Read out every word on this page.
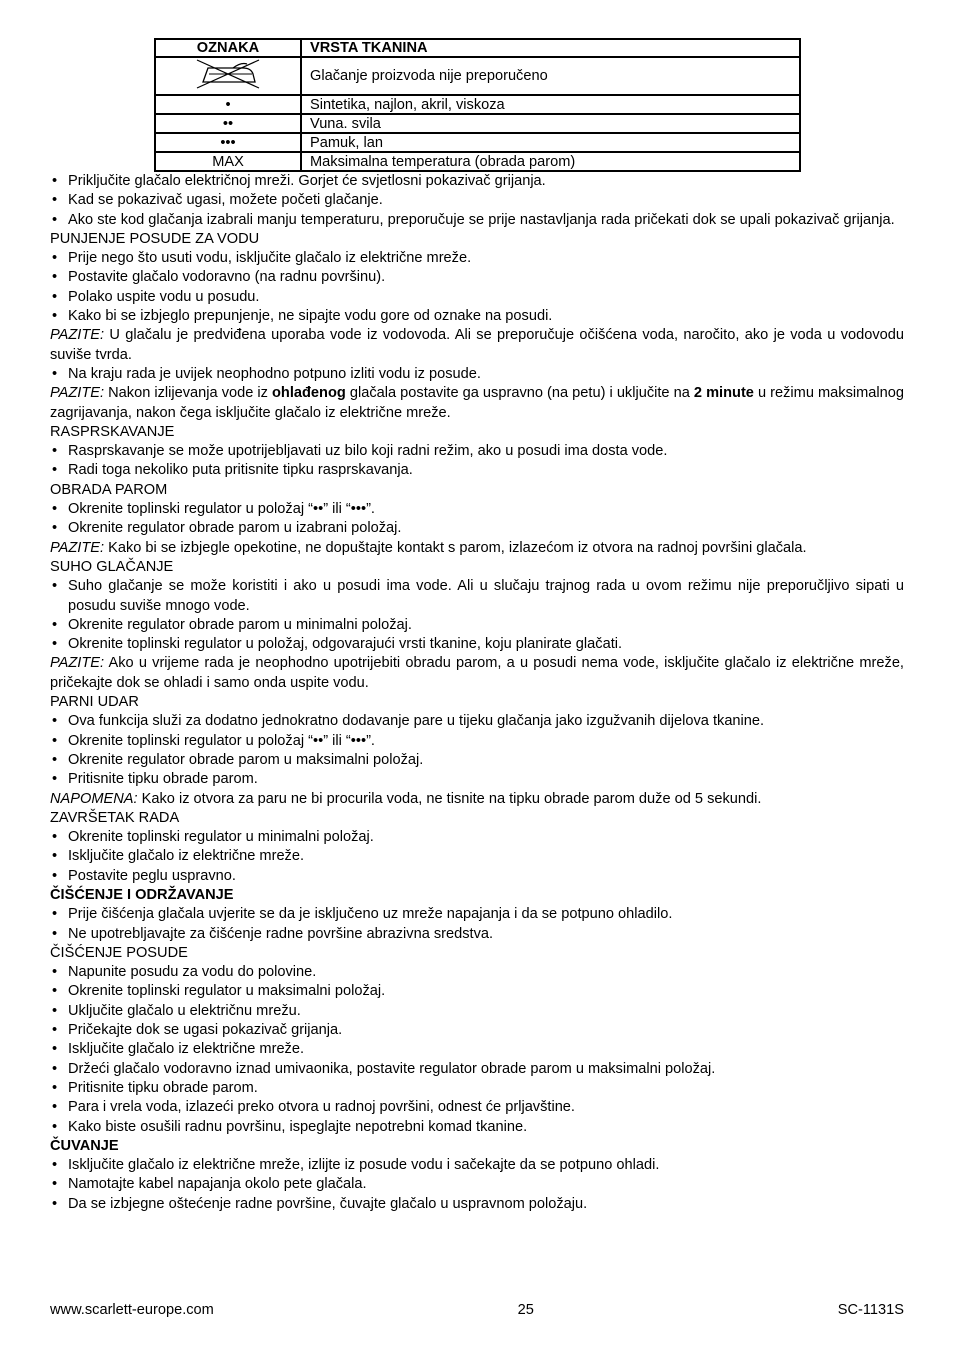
OZNAKA	VRSTA TKANINA
	Glačanje proizvoda nije preporučeno
•	Sintetika, najlon, akril, viskoza
••	Vuna. svila
•••	Pamuk, lan
MAX	Maksimalna temperatura (obrada parom)
• Priključite glačalo električnoj mreži. Gorjet će svjetlosni pokazivač grijanja.
• Kad se pokazivač ugasi, možete početi glačanje.
• Ako ste kod glačanja izabrali manju temperaturu, preporučuje se prije nastavljanja rada pričekati dok se upali pokazivač grijanja.

PUNJENJE POSUDE ZA VODU

• Prije nego što usuti vodu, isključite glačalo iz električne mreže.
• Postavite glačalo vodoravno (na radnu površinu).
• Polako uspite vodu u posudu.
• Kako bi se izbjeglo prepunjenje, ne sipajte vodu gore od oznake na posudi.

PAZITE: U glačalu je predviđena uporaba vode iz vodovoda. Ali se preporučuje očišćena voda, naročito, ako je voda u vodovodu suviše tvrda.

• Na kraju rada je uvijek neophodno potpuno izliti vodu iz posude.

PAZITE: Nakon izlijevanja vode iz ohlađenog glačala postavite ga uspravno (na petu) i uključite na 2 minute u režimu maksimalnog zagrijavanja, nakon čega isključite glačalo iz električne mreže.

RASPRSKAVANJE

• Rasprskavanje se može upotrijebljavati uz bilo koji radni režim, ako u posudi ima dosta vode.
• Radi toga nekoliko puta pritisnite tipku rasprskavanja.

OBRADA PAROM

• Okrenite toplinski regulator u položaj “••” ili “•••”.
• Okrenite regulator obrade parom u izabrani položaj.

PAZITE: Kako bi se izbjegle opekotine, ne dopuštajte kontakt s parom, izlazećom iz otvora na radnoj površini glačala.

SUHO GLAČANJE

• Suho glačanje se može koristiti i ako u posudi ima vode. Ali u slučaju trajnog rada u ovom režimu nije preporučljivo sipati u posudu suviše mnogo vode.
• Okrenite regulator obrade parom u minimalni položaj.
• Okrenite toplinski regulator u položaj, odgovarajući vrsti tkanine, koju planirate glačati.

PAZITE: Ako u vrijeme rada je neophodno upotrijebiti obradu parom, a u posudi nema vode, isključite glačalo iz električne mreže, pričekajte dok se ohladi i samo onda uspite vodu.

PARNI UDAR

• Ova funkcija služi za dodatno jednokratno dodavanje pare u tijeku glačanja jako izgužvanih dijelova tkanine.
• Okrenite toplinski regulator u položaj “••” ili “•••”.
• Okrenite regulator obrade parom u maksimalni položaj.
• Pritisnite tipku obrade parom.

NAPOMENA: Kako iz otvora za paru ne bi procurila voda, ne tisnite na tipku obrade parom duže od 5 sekundi.

ZAVRŠETAK RADA

• Okrenite toplinski regulator u minimalni položaj.
• Isključite glačalo iz električne mreže.
• Postavite peglu uspravno.

ČIŠĆENJE I ODRŽAVANJE

• Prije čišćenja glačala uvjerite se da je isključeno uz mreže napajanja i da se potpuno ohladilo.
• Ne upotrebljavajte za čišćenje radne površine abrazivna sredstva.

ČIŠĆENJE POSUDE

• Napunite posudu za vodu do polovine.
• Okrenite toplinski regulator u maksimalni položaj.
• Uključite glačalo u električnu mrežu.
• Pričekajte dok se ugasi pokazivač grijanja.
• Isključite glačalo iz električne mreže.
• Držeći glačalo vodoravno iznad umivaonika, postavite regulator obrade parom u maksimalni položaj.
• Pritisnite tipku obrade parom.
• Para i vrela voda, izlazeći preko otvora u radnoj površini, odnest će prljavštine.
• Kako biste osušili radnu površinu, ispeglajte nepotrebni komad tkanine.

ČUVANJE

• Isključite glačalo iz električne mreže, izlijte iz posude vodu i sačekajte da se potpuno ohladi.
• Namotajte kabel napajanja okolo pete glačala.
• Da se izbjegne oštećenje radne površine, čuvajte glačalo u uspravnom položaju.
www.scarlett-europe.com	25	SC-1131S
